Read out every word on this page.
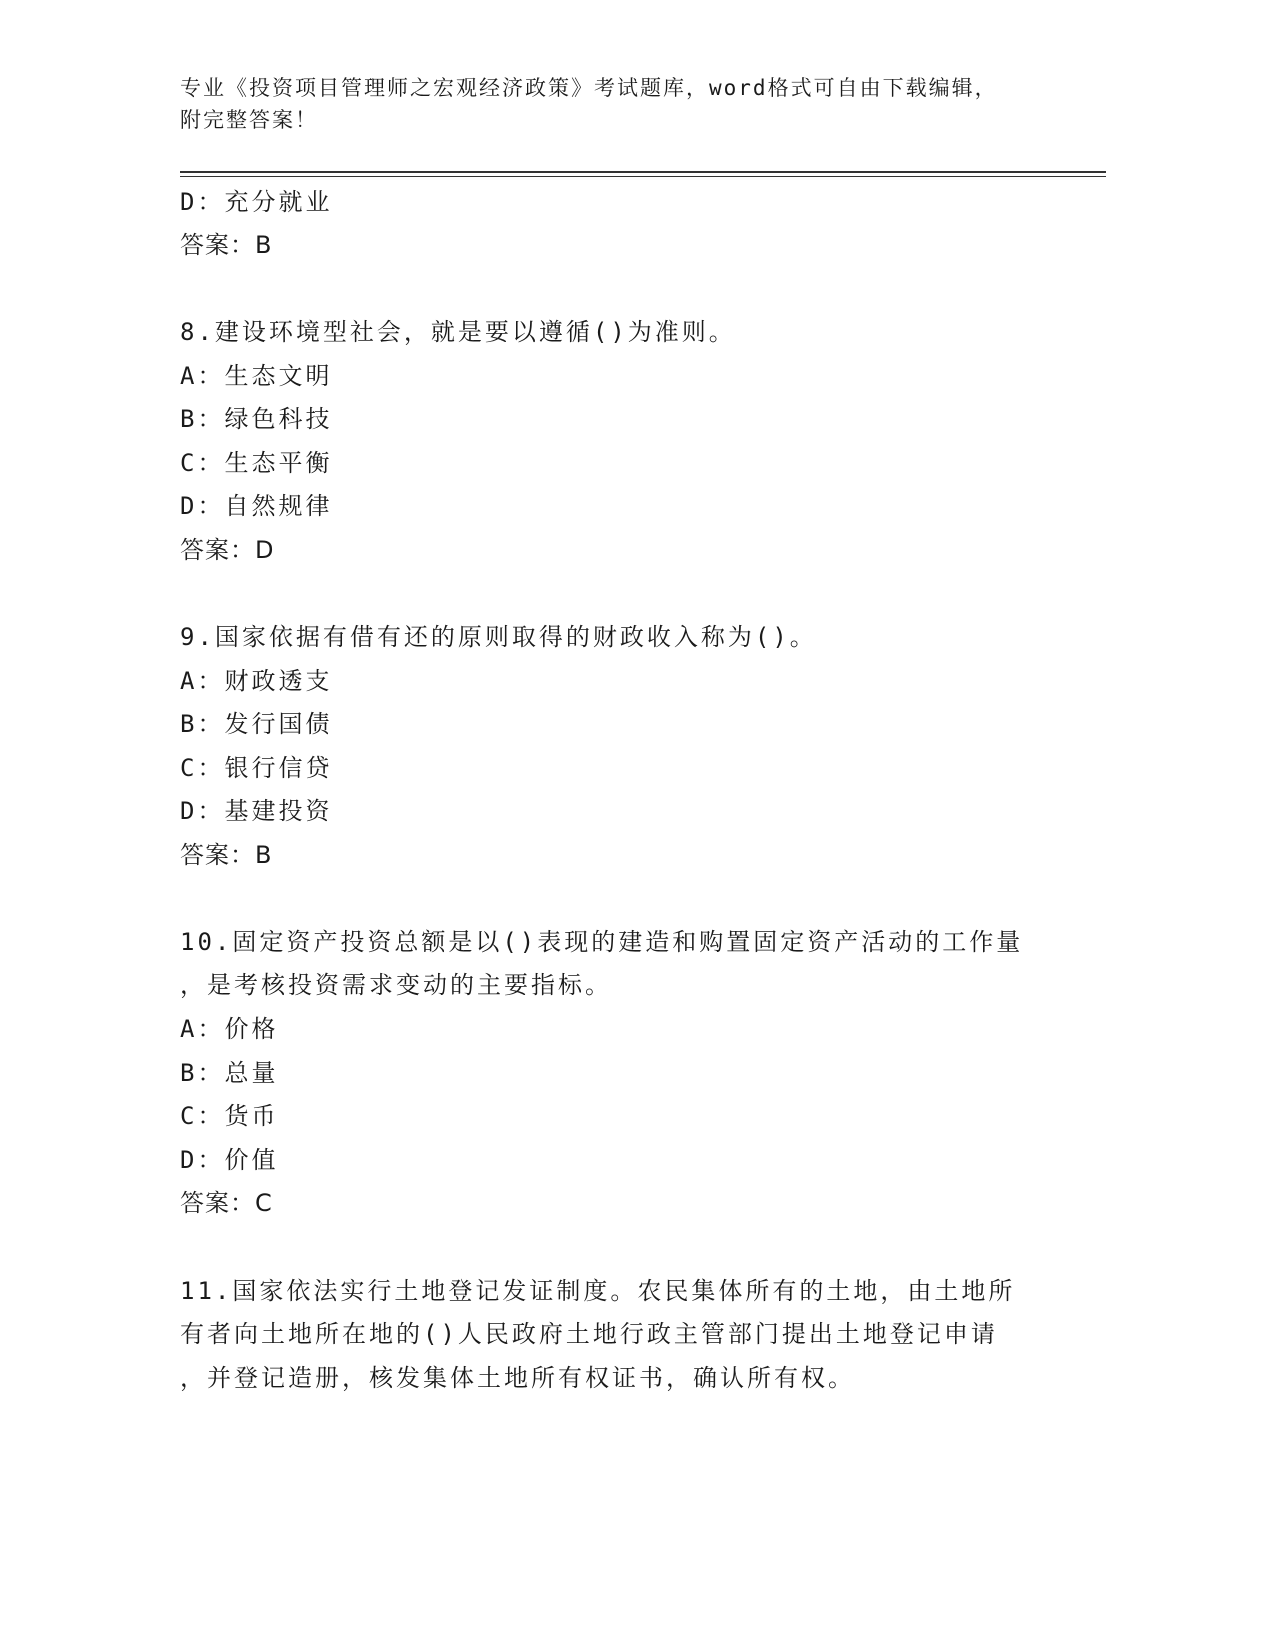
专业《投资项目管理师之宏观经济政策》考试题库，word格式可自由下载编辑，
附完整答案！
D：充分就业
答案：B
8.建设环境型社会，就是要以遵循()为准则。
A：生态文明
B：绿色科技
C：生态平衡
D：自然规律
答案：D
9.国家依据有借有还的原则取得的财政收入称为()。
A：财政透支
B：发行国债
C：银行信贷
D：基建投资
答案：B
10.固定资产投资总额是以()表现的建造和购置固定资产活动的工作量
，是考核投资需求变动的主要指标。
A：价格
B：总量
C：货币
D：价值
答案：C
11.国家依法实行土地登记发证制度。农民集体所有的土地，由土地所
有者向土地所在地的()人民政府土地行政主管部门提出土地登记申请
，并登记造册，核发集体土地所有权证书，确认所有权。
